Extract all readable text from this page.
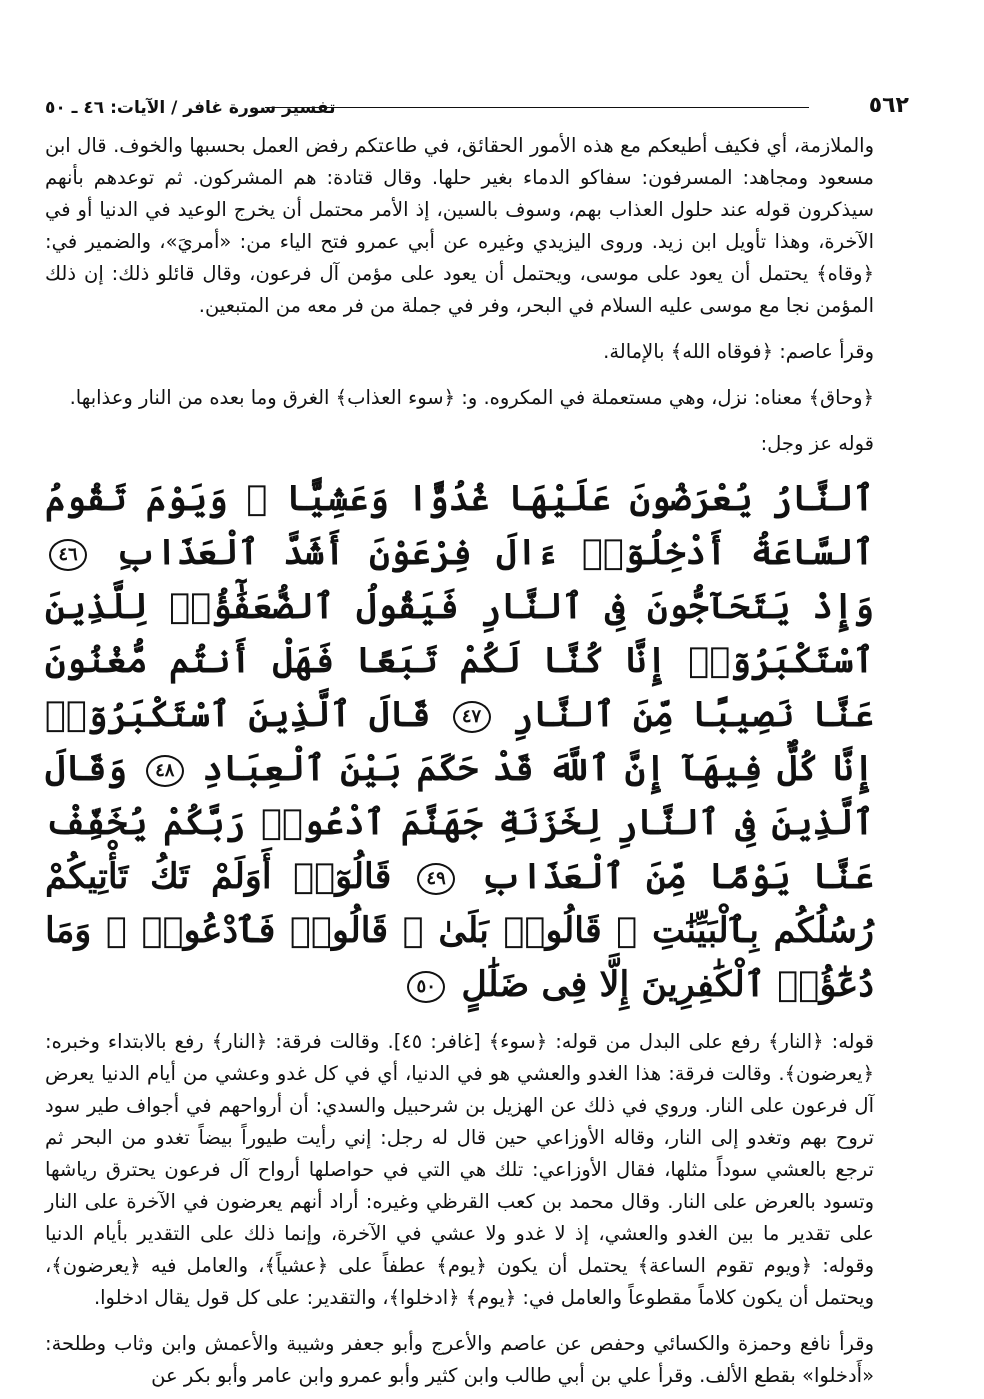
٥٦٢
تفسير سورة غافر / الآيات: ٤٦ ـ ٥٠

والملازمة، أي فكيف أطيعكم مع هذه الأمور الحقائق، في طاعتكم رفض العمل بحسبها والخوف. قال ابن مسعود ومجاهد: المسرفون: سفاكو الدماء بغير حلها. وقال قتادة: هم المشركون. ثم توعدهم بأنهم سيذكرون قوله عند حلول العذاب بهم، وسوف بالسين، إذ الأمر محتمل أن يخرج الوعيد في الدنيا أو في الآخرة، وهذا تأويل ابن زيد. وروى اليزيدي وغيره عن أبي عمرو فتح الياء من: «أمريَ»، والضمير في: ﴿وقاه﴾ يحتمل أن يعود على موسى، ويحتمل أن يعود على مؤمن آل فرعون، وقال قائلو ذلك: إن ذلك المؤمن نجا مع موسى عليه السلام في البحر، وفر في جملة من فر معه من المتبعين.

وقرأ عاصم: ﴿فوقاه الله﴾ بالإمالة.

﴿وحاق﴾ معناه: نزل، وهي مستعملة في المكروه. و: ﴿سوء العذاب﴾ الغرق وما بعده من النار وعذابها.

قوله عز وجل:

ٱلنَّارُ يُعْرَضُونَ عَلَيْهَا غُدُوًّا وَعَشِيًّا ۖ وَيَوْمَ تَقُومُ ٱلسَّاعَةُ أَدْخِلُوٓا۟ ءَالَ فِرْعَوْنَ أَشَدَّ ٱلْعَذَابِ ٤٦ وَإِذْ يَتَحَآجُّونَ فِى ٱلنَّارِ فَيَقُولُ ٱلضُّعَفَٰٓؤُا۟ لِلَّذِينَ ٱسْتَكْبَرُوٓا۟ إِنَّا كُنَّا لَكُمْ تَبَعًا فَهَلْ أَنتُم مُّغْنُونَ عَنَّا نَصِيبًا مِّنَ ٱلنَّارِ ٤٧ قَالَ ٱلَّذِينَ ٱسْتَكْبَرُوٓا۟ إِنَّا كُلٌّ فِيهَآ إِنَّ ٱللَّهَ قَدْ حَكَمَ بَيْنَ ٱلْعِبَادِ ٤٨ وَقَالَ ٱلَّذِينَ فِى ٱلنَّارِ لِخَزَنَةِ جَهَنَّمَ ٱدْعُوا۟ رَبَّكُمْ يُخَفِّفْ عَنَّا يَوْمًا مِّنَ ٱلْعَذَابِ ٤٩ قَالُوٓا۟ أَوَلَمْ تَكُ تَأْتِيكُمْ رُسُلُكُم بِٱلْبَيِّنَٰتِ ۖ قَالُوا۟ بَلَىٰ ۚ قَالُوا۟ فَٱدْعُوا۟ ۗ وَمَا دُعَٰٓؤُا۟ ٱلْكَٰفِرِينَ إِلَّا فِى ضَلَٰلٍ ٥٠

قوله: ﴿النار﴾ رفع على البدل من قوله: ﴿سوء﴾ [غافر: ٤٥]. وقالت فرقة: ﴿النار﴾ رفع بالابتداء وخبره: ﴿يعرضون﴾. وقالت فرقة: هذا الغدو والعشي هو في الدنيا، أي في كل غدو وعشي من أيام الدنيا يعرض آل فرعون على النار. وروي في ذلك عن الهزيل بن شرحبيل والسدي: أن أرواحهم في أجواف طير سود تروح بهم وتغدو إلى النار، وقاله الأوزاعي حين قال له رجل: إني رأيت طيوراً بيضاً تغدو من البحر ثم ترجع بالعشي سوداً مثلها، فقال الأوزاعي: تلك هي التي في حواصلها أرواح آل فرعون يحترق رياشها وتسود بالعرض على النار. وقال محمد بن كعب القرظي وغيره: أراد أنهم يعرضون في الآخرة على النار على تقدير ما بين الغدو والعشي، إذ لا غدو ولا عشي في الآخرة، وإنما ذلك على التقدير بأيام الدنيا وقوله: ﴿ويوم تقوم الساعة﴾ يحتمل أن يكون ﴿يوم﴾ عطفاً على ﴿عشياً﴾، والعامل فيه ﴿يعرضون﴾، ويحتمل أن يكون كلاماً مقطوعاً والعامل في: ﴿يوم﴾ ﴿ادخلوا﴾، والتقدير: على كل قول يقال ادخلوا.

وقرأ نافع وحمزة والكسائي وحفص عن عاصم والأعرج وأبو جعفر وشيبة والأعمش وابن وثاب وطلحة: «أَدخلوا» بقطع الألف. وقرأ علي بن أبي طالب وابن كثير وأبو عمرو وابن عامر وأبو بكر عن
